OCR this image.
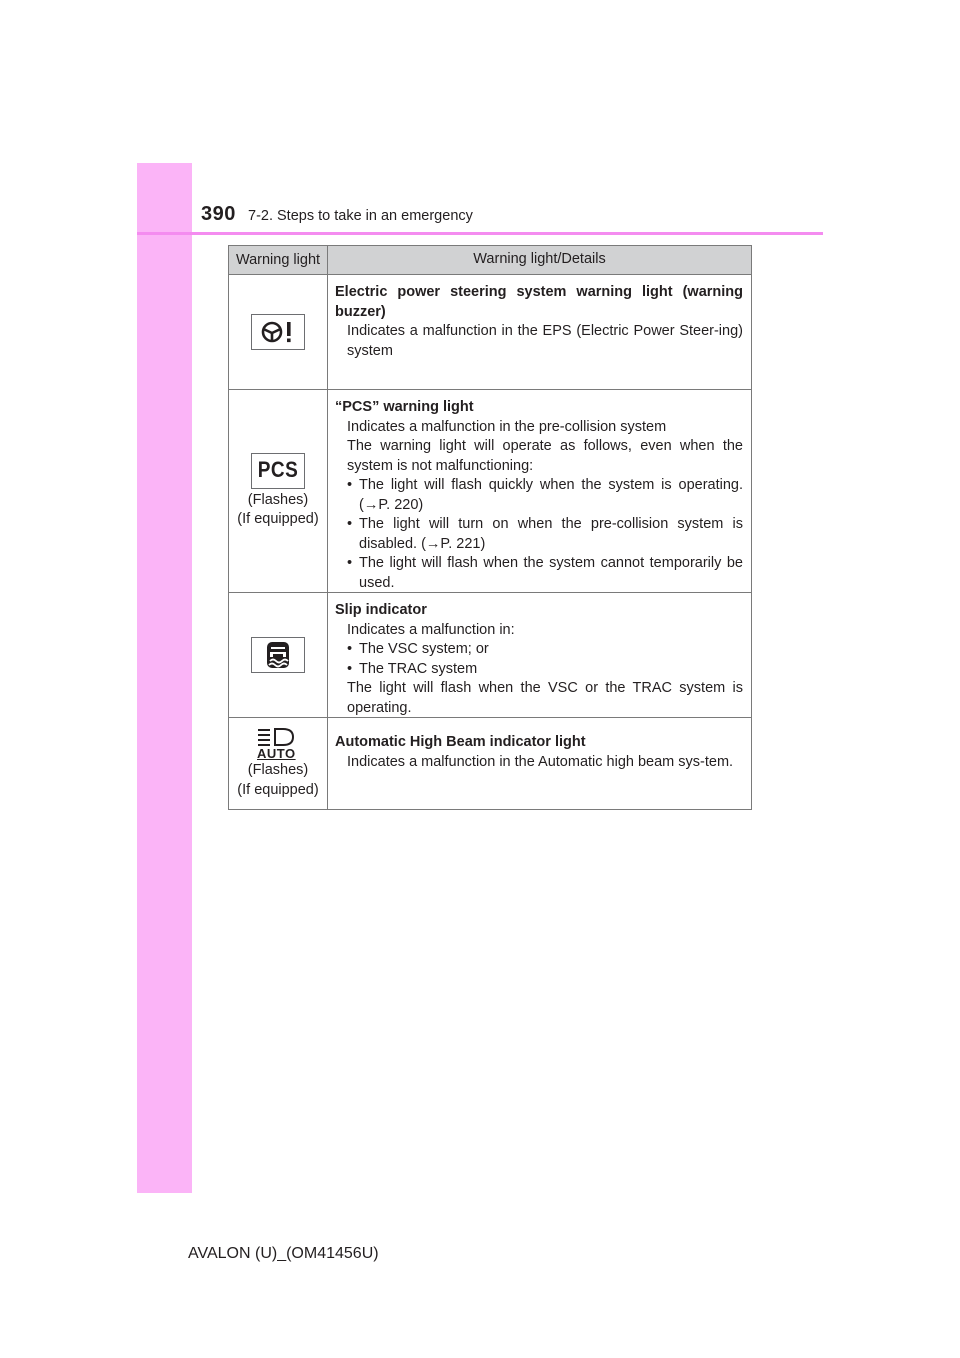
390 7-2. Steps to take in an emergency
Warning light	Warning light/Details
Electric power steering system warning light (warning buzzer)
Indicates a malfunction in the EPS (Electric Power Steer-ing) system
PCS
(Flashes)
(If equipped)
“PCS” warning light
Indicates a malfunction in the pre-collision system
The warning light will operate as follows, even when the system is not malfunctioning:
• The light will flash quickly when the system is operating. (→P. 220)
• The light will turn on when the pre-collision system is disabled. (→P. 221)
• The light will flash when the system cannot temporarily be used.
Slip indicator
Indicates a malfunction in:
• The VSC system; or
• The TRAC system
The light will flash when the VSC or the TRAC system is operating.
AUTO
(Flashes)
(If equipped)
Automatic High Beam indicator light
Indicates a malfunction in the Automatic high beam sys-tem.
AVALON (U)_(OM41456U)
